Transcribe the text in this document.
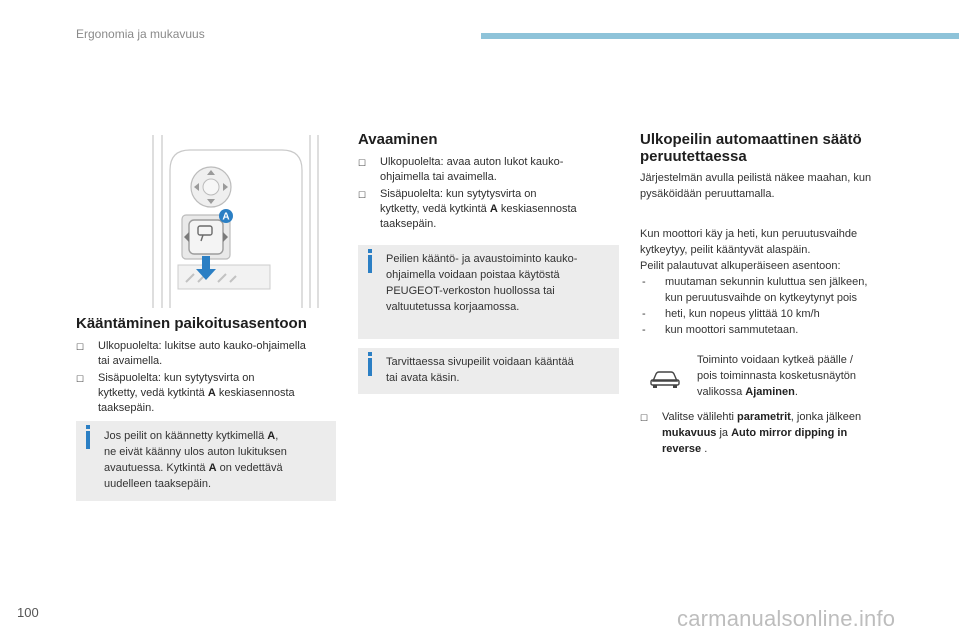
Ergonomia ja mukavuus
A
Kääntäminen paikoitusasentoon
☐ Ulkopuolelta: lukitse auto kauko-ohjaimella
tai avaimella.
☐ Sisäpuolelta: kun sytytysvirta on
kytketty, vedä kytkintä A keskiasennosta
taaksepäin.
Jos peilit on käännetty kytkimellä A,
ne eivät käänny ulos auton lukituksen
avautuessa. Kytkintä A on vedettävä
uudelleen taaksepäin.
Avaaminen
☐ Ulkopuolelta: avaa auton lukot kauko-
ohjaimella tai avaimella.
☐ Sisäpuolelta: kun sytytysvirta on
kytketty, vedä kytkintä A keskiasennosta
taaksepäin.
Peilien kääntö- ja avaustoiminto kauko-
ohjaimella voidaan poistaa käytöstä
PEUGEOT-verkoston huollossa tai
valtuutetussa korjaamossa.
Tarvittaessa sivupeilit voidaan kääntää
tai avata käsin.
Ulkopeilin automaattinen säätö
peruutettaessa
Järjestelmän avulla peilistä näkee maahan, kun
pysäköidään peruuttamalla.
Kun moottori käy ja heti, kun peruutusvaihde
kytkeytyy, peilit kääntyvät alaspäin.
Peilit palautuvat alkuperäiseen asentoon:
- muutaman sekunnin kuluttua sen jälkeen,
kun peruutusvaihde on kytkeytynyt pois
- heti, kun nopeus ylittää 10 km/h
- kun moottori sammutetaan.
Toiminto voidaan kytkeä päälle /
pois toiminnasta kosketusnäytön
valikossa Ajaminen.
☐ Valitse välilehti parametrit, jonka jälkeen
mukavuus ja Auto mirror dipping in
reverse .
100	carmanualsonline.info
